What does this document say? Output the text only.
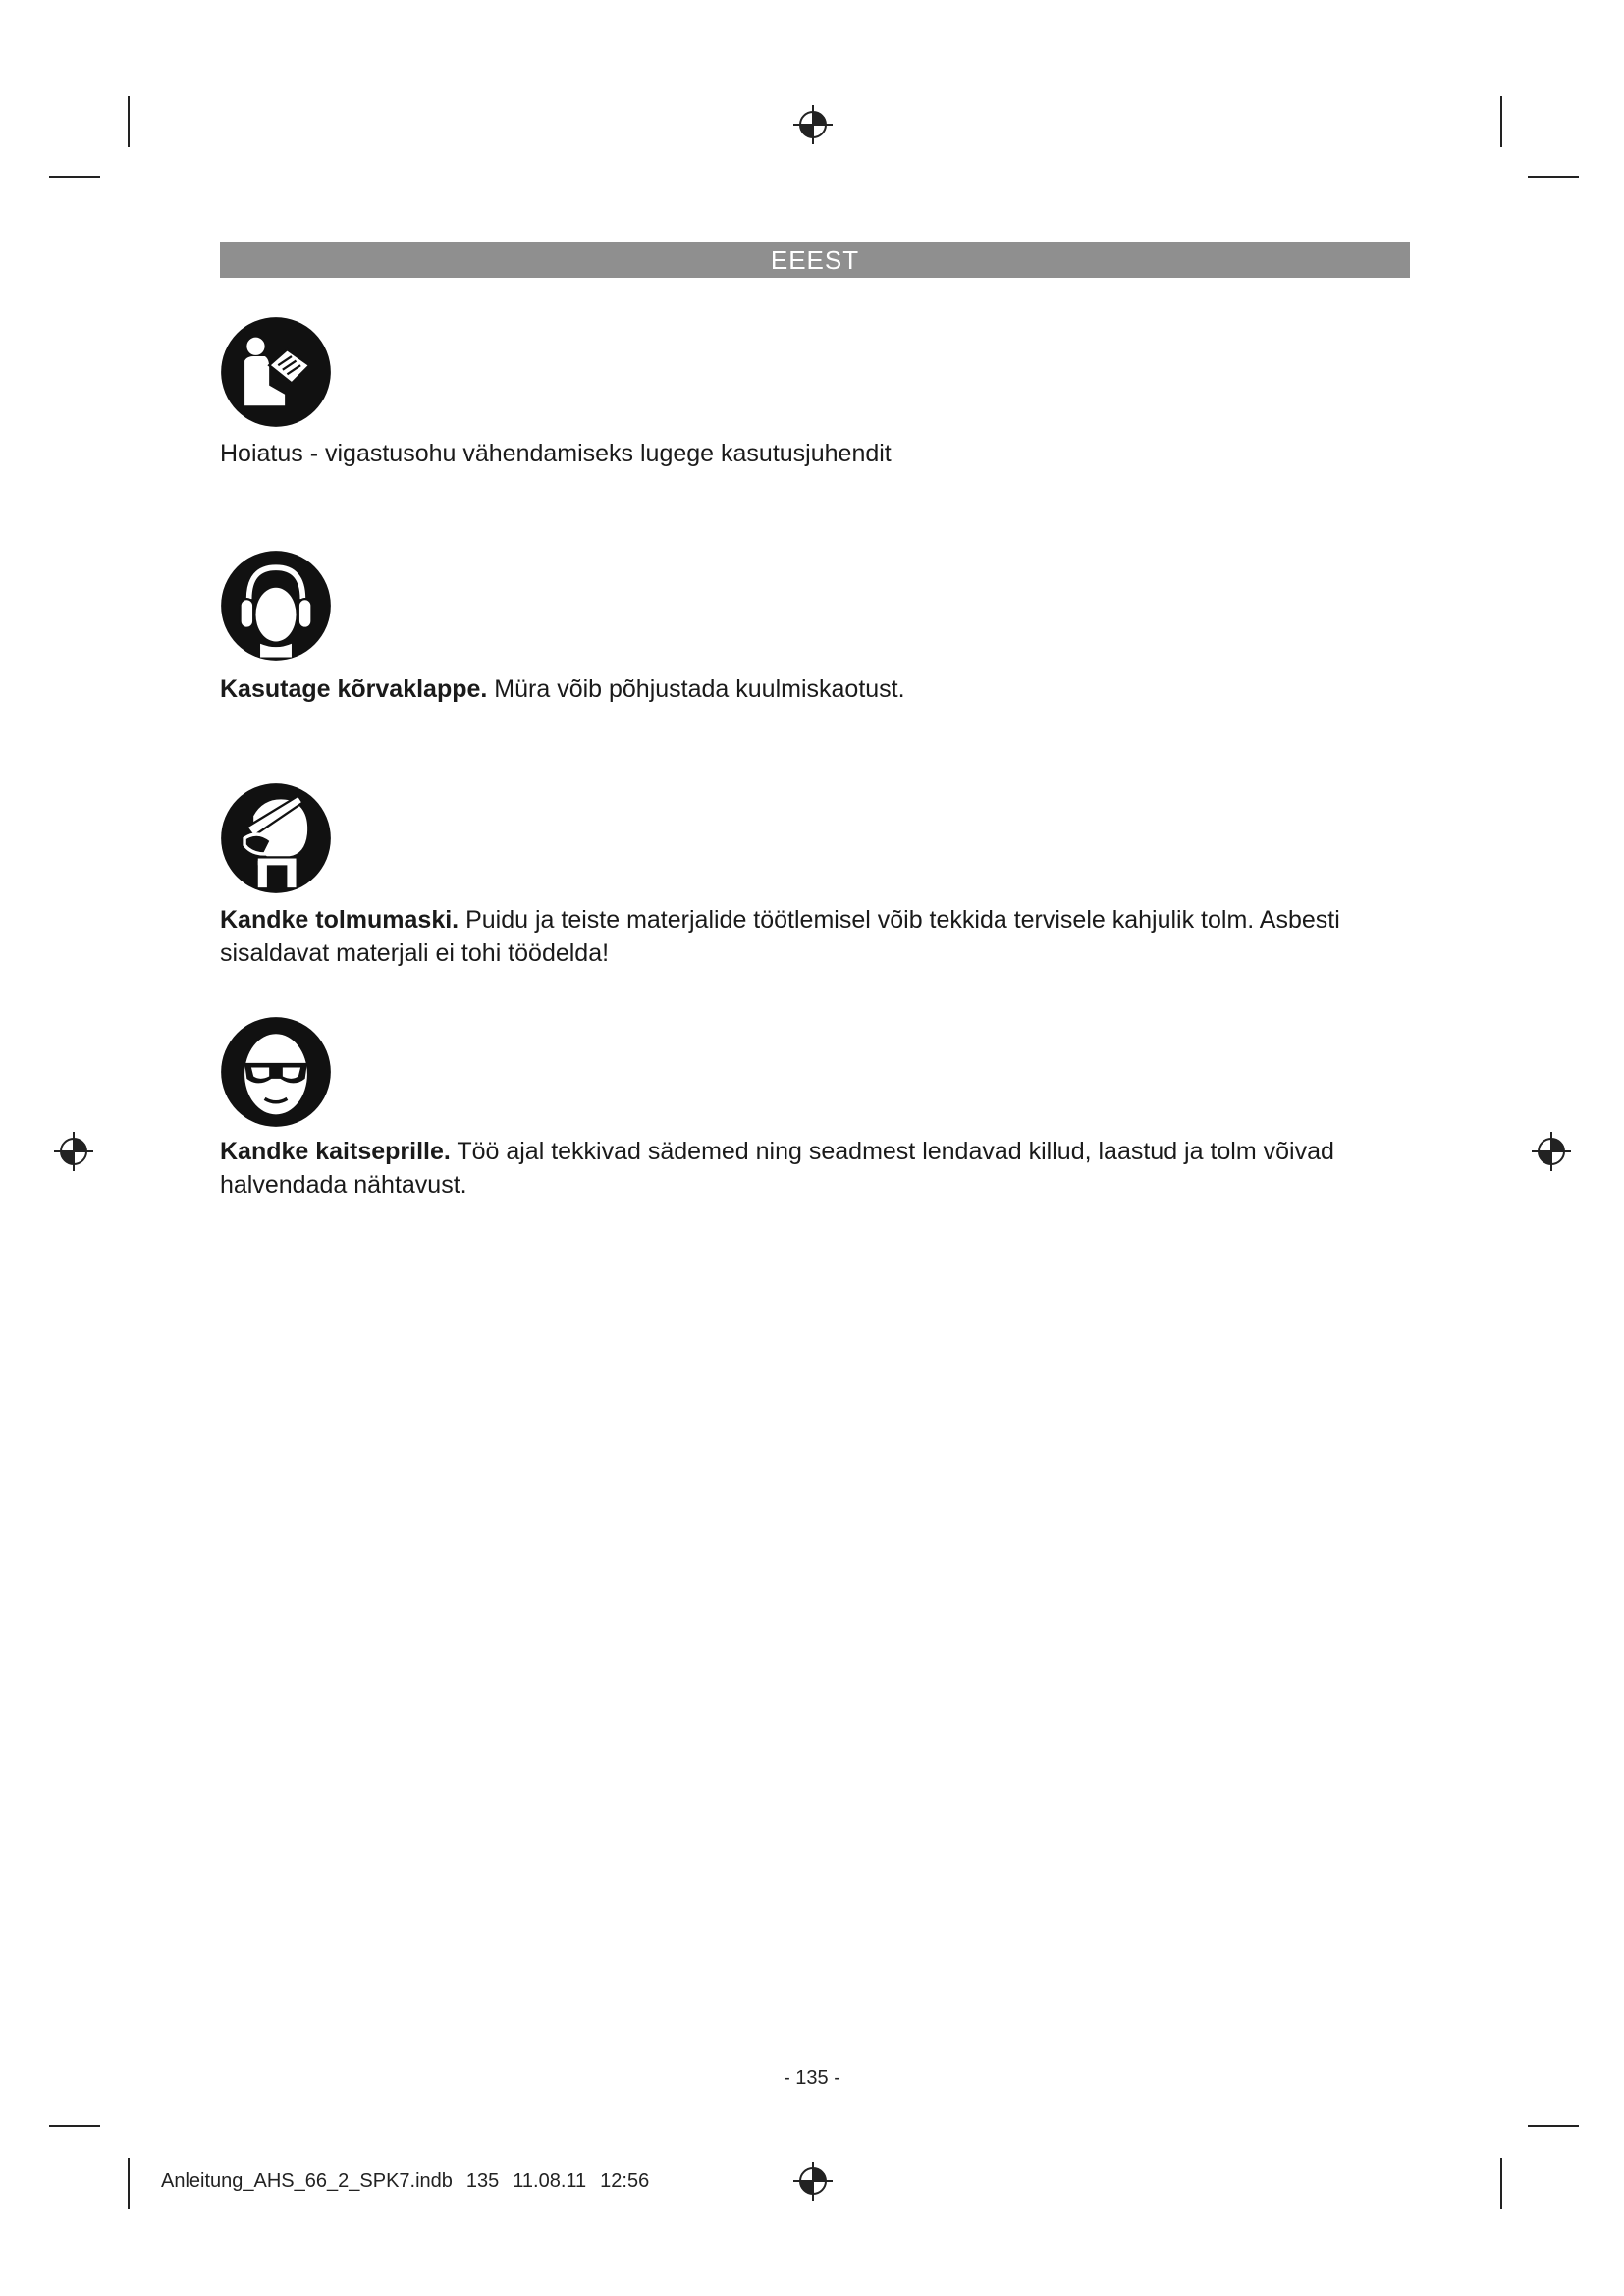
EEEST
Hoiatus - vigastusohu vähendamiseks lugege kasutusjuhendit
Kasutage kõrvaklappe. Müra võib põhjustada kuulmiskaotust.
Kandke tolmumaski. Puidu ja teiste materjalide töötlemisel võib tekkida tervisele kahjulik tolm. Asbesti sisaldavat materjali ei tohi töödelda!
Kandke kaitseprille. Töö ajal tekkivad sädemed ning seadmest lendavad killud, laastud ja tolm võivad halvendada nähtavust.
- 135 -
Anleitung_AHS_66_2_SPK7.indb 135 11.08.11 12:56
